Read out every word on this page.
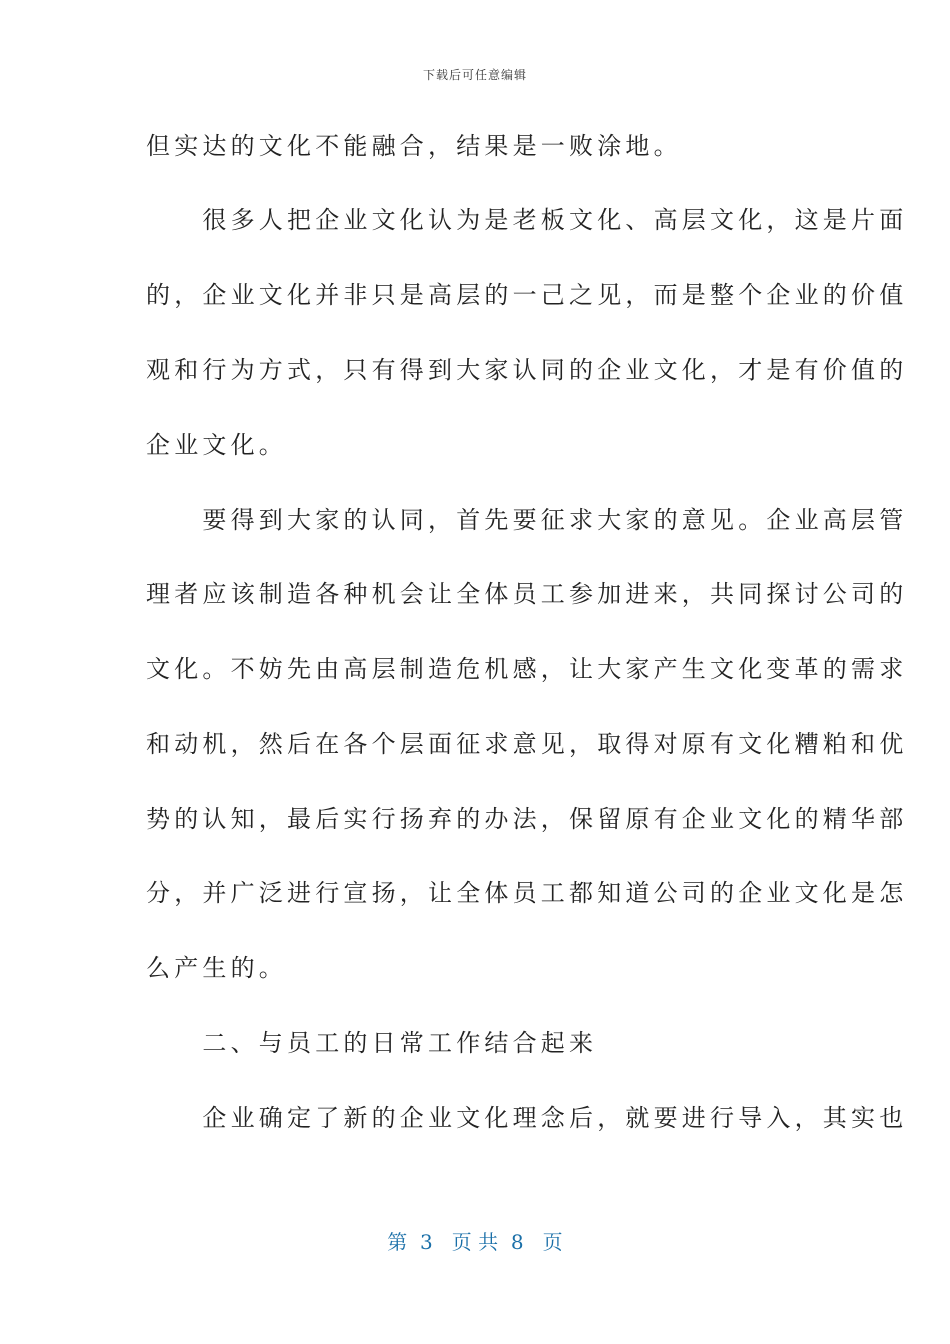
下载后可任意编辑
但实达的文化不能融合，结果是一败涂地。
　　很多人把企业文化认为是老板文化、高层文化，这是片面
的，企业文化并非只是高层的一己之见，而是整个企业的价值
观和行为方式，只有得到大家认同的企业文化，才是有价值的
企业文化。
　　要得到大家的认同，首先要征求大家的意见。企业高层管
理者应该制造各种机会让全体员工参加进来，共同探讨公司的
文化。不妨先由高层制造危机感，让大家产生文化变革的需求
和动机，然后在各个层面征求意见，取得对原有文化糟粕和优
势的认知，最后实行扬弃的办法，保留原有企业文化的精华部
分，并广泛进行宣扬，让全体员工都知道公司的企业文化是怎
么产生的。
　　二、与员工的日常工作结合起来
　　企业确定了新的企业文化理念后，就要进行导入，其实也
第  3   页 共  8   页
